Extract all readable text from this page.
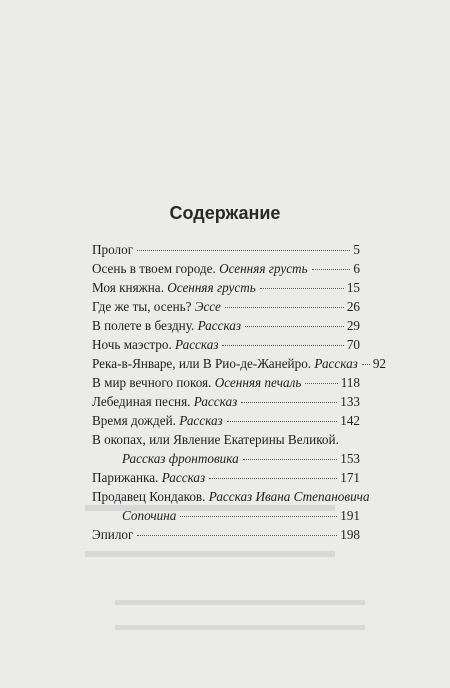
Содержание
Пролог	5
Осень в твоем городе. Осенняя грусть	6
Моя княжна. Осенняя грусть	15
Где же ты, осень? Эссе	26
В полете в бездну. Рассказ	29
Ночь маэстро. Рассказ	70
Река-в-Январе, или В Рио-де-Жанейро. Рассказ 92
В мир вечного покоя. Осенняя печаль	118
Лебединая песня. Рассказ	133
Время дождей. Рассказ	142
В окопах, или Явление Екатерины Великой.
Рассказ фронтовика	153
Парижанка. Рассказ	171
Продавец Кондаков. Рассказ Ивана Степановича
Сопочина	191
Эпилог	198
